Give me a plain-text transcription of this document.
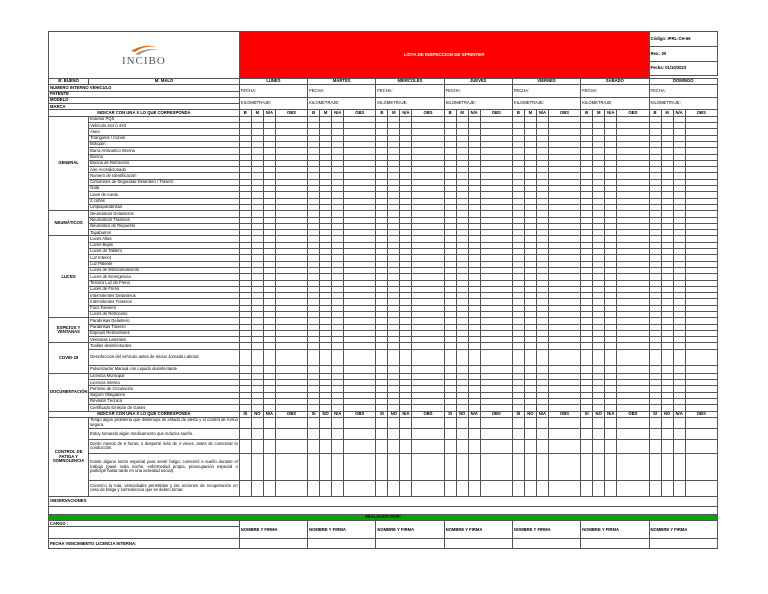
INCIBO		LISTA DE INSPECCION DE SPRINTER																								Código: IPRL-CH-66			
																										Rev.: 00			
																										Fecha: 01/10/2023			

B: BUENO	M: MALO	LUNES				MARTES				MIERCOLES				JUEVES				VIERNES				SABADO				DOMINGO			
NUMERO INTERNO VEHICULO		FECHA:				FECHA:				FECHA:				FECHA:				FECHA:				FECHA:				FECHA:			
PATENTE																													
MODELO		KILOMETRAJE:				KILOMETRAJE:				KILOMETRAJE:				KILOMETRAJE:				KILOMETRAJE:				KILOMETRAJE:				KILOMETRAJE:			
MARCA																													
INDICAR CON UNA X LO QUE CORRESPONDA		B	M	N/A	OBS	B	M	N/A	OBS	B	M	N/A	OBS	B	M	N/A	OBS	B	M	N/A	OBS	B	M	N/A	OBS	B	M	N/A	OBS
GENERAL	Extintor PQS																												
	Vehículo 4x4 ó 4X2																												
	Aseo																												
	Triángulos / Conos																												
	Botiquín																												
	Barra Antivuelco Interna																												
	Bocina																												
	Bocina de Retroceso																												
	Aire Acondicionado																												
	Numero de Identificación																												
	Cinturones de Seguridad Delantero / Trasero																												
	Gata																												
	Llave de rueda																												
	2 cuñas																												
	Limpiaparabrisas																												
NEUMÁTICOS	Neumáticos Delanteros																												
	Neumáticos Traseros																												
	Neumático de Repuesto																												
	Tapabarros																												
LUCES	Luces Altas																												
	Luces Bajas																												
	Luces de Tablero																												
	Luz Interior																												
	Luz Patente																												
	Luces de Estacionamiento																												
	Luces de Emergencia																												
	Tercera Luz de Freno																												
	Luces de Freno																												
	Intermitentes Delanteros																												
	Intermitentes Traseros																												
	Foco Faenero																												
	Luces de Retroceso																												
ESPEJOS Y VENTANAS	Parabrisas Delantero																												
	Parabrisas Trasero																												
	Espejos Retrovisores																												
	Ventanas Laterales																												
COVID-19	Toallas desinfectantes																												
	Desinfeccion del vehiculo antes de Iniciar Jornada Laboral																												
	Pulverizador Manual con Liquido desinfectante																												
DOCUMENTACIÓN	Licencia Municipal																												
	Licencia Interna																												
	Permiso de Circulación																												
	Seguro Obligatorio																												
	Revisión Técnica																												
	Certificado Emisión de Gases																												
INDICAR CON UNA X LO QUE CORRESPONDA		SI	NO	N/A	OBS	SI	NO	N/A	OBS	SI	NO	N/A	OBS	SI	NO	N/A	OBS	SI	NO	N/A	OBS	SI	NO	N/A	OBS	SI	NO	N/A	OBS
CONTROL DE FATIGA Y SOMNOLENCIA	Tengo algún problema que disminuya mi estado de alerta y el control de forma segura.																												
	Estoy tomando algún medicamento que induzca sueño.																												
	Dormí menos de 6 horas, o desperté más de 4 veces, antes de comenzar la conducción.																												
	Existe alguna razón especial para sentir fatiga; comenzó a sueño durante el trabajo (pasé mala noche, enfermedad propia, preocupación especial o participé hasta tarde en una actividad social).																												
	Conozco la ruta, velocidades permitidas y las acciones de recuperación en caso de fatiga y somnolencia que se deben tomar.																												
OBSERVACIONES																													

REALIZADO POR:																													
CARGO :		NOMBRE Y FIRMA				NOMBRE Y FIRMA				NOMBRE Y FIRMA				NOMBRE Y FIRMA				NOMBRE Y FIRMA				NOMBRE Y FIRMA				NOMBRE Y FIRMA			

FECHA VENCIMIENTO LICENCIA INTERNA:																													
